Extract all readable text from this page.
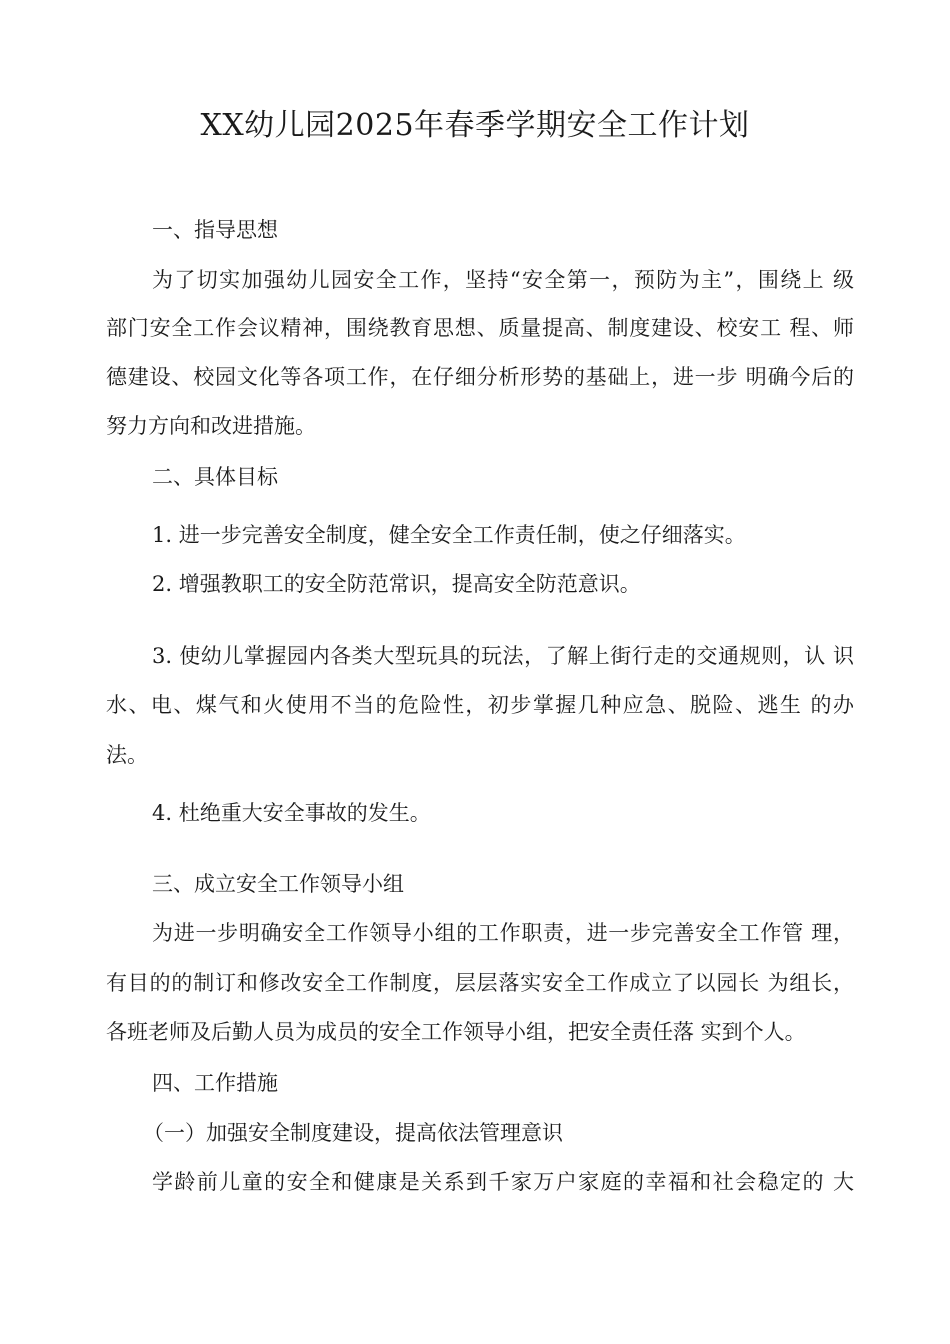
XX幼儿园2025年春季学期安全工作计划
一、指导思想
为了切实加强幼儿园安全工作，坚持“安全第一，预防为主”，围绕上 级
部门安全工作会议精神，围绕教育思想、质量提高、制度建设、校安工 程、师
德建设、校园文化等各项工作，在仔细分析形势的基础上，进一步 明确今后的
努力方向和改进措施。
二、具体目标
1. 进一步完善安全制度，健全安全工作责任制，使之仔细落实。
2. 增强教职工的安全防范常识，提高安全防范意识。
3. 使幼儿掌握园内各类大型玩具的玩法，了解上街行走的交通规则，认 识
水、电、煤气和火使用不当的危险性，初步掌握几种应急、脱险、逃生 的办
法。
4. 杜绝重大安全事故的发生。
三、成立安全工作领导小组
为进一步明确安全工作领导小组的工作职责，进一步完善安全工作管 理，
有目的的制订和修改安全工作制度，层层落实安全工作成立了以园长 为组长，
各班老师及后勤人员为成员的安全工作领导小组，把安全责任落 实到个人。
四、工作措施
（一）加强安全制度建设，提高依法管理意识
学龄前儿童的安全和健康是关系到千家万户家庭的幸福和社会稳定的 大
